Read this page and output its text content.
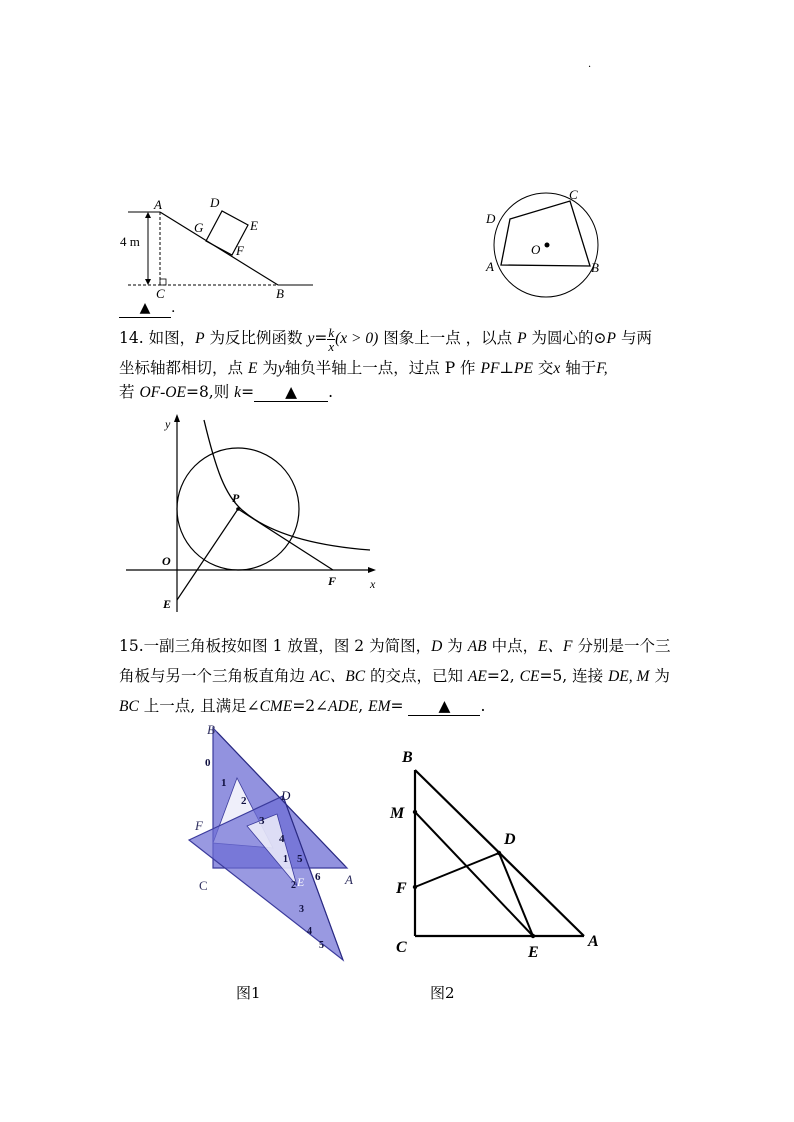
·
A
C	B
D
E
F
G
4 m
▲ .
O
A	B
C
D
14. 如图，P 为反比例函数 $y= \frac{k}{x} (x > 0)$ 图象上一点 ，以点 P 为圆心的⊙P 与两
坐标轴都相切，点 E 为y轴负半轴上一点，过点 P 作 PF⊥PE 交x 轴于F,
若 OF-OE=8,则 k= ▲ .
y
x
O
P
E
F
15.一副三角板按如图 1 放置，图 2 为简图，D 为 AB 中点，E、F 分别是一个三
角板与另一个三角板直角边 AC、BC 的交点，已知 AE=2, CE=5, 连接 DE, M 为
BC 上一点, 且满足∠CME=2∠ADE, EM= ▲ .
0
1
2
3
4
5
6
1
2
3
4
5
B
A
C
D
F
E
图1
B
M
D
F
C	E
A
图2
